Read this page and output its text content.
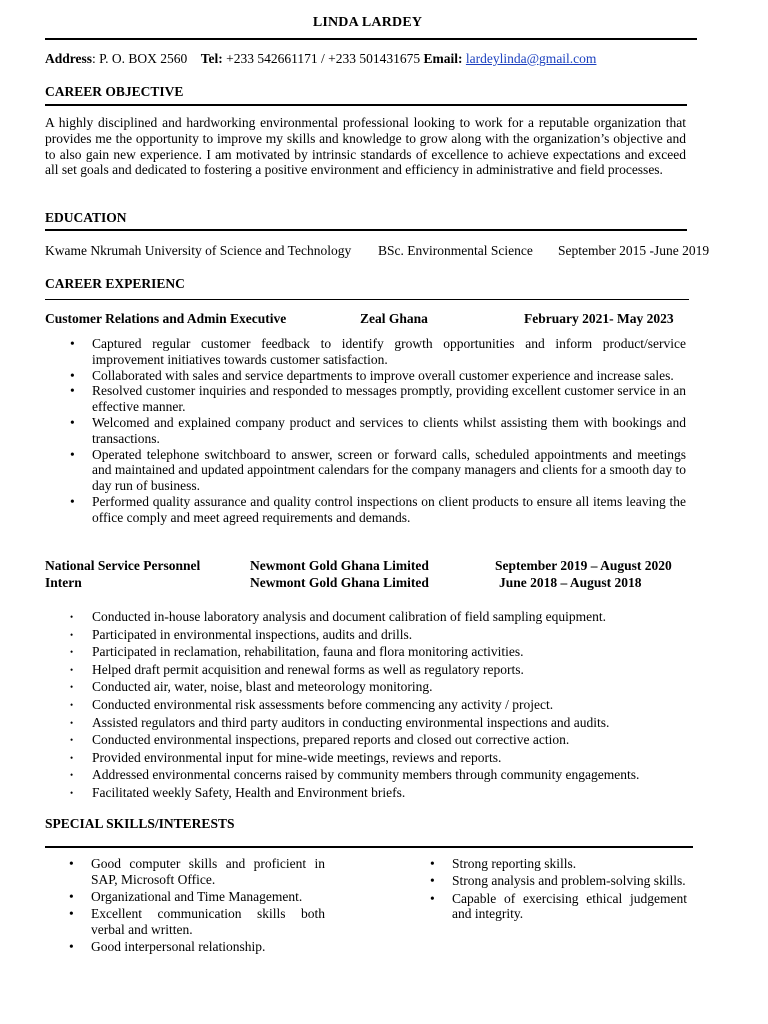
LINDA LARDEY
Address: P. O. BOX 2560 Tel: +233 542661171 / +233 501431675 Email: lardeylinda@gmail.com
CAREER OBJECTIVE
A highly disciplined and hardworking environmental professional looking to work for a reputable organization that provides me the opportunity to improve my skills and knowledge to grow along with the organization’s objective and to also gain new experience. I am motivated by intrinsic standards of excellence to achieve expectations and exceed all set goals and dedicated to fostering a positive environment and efficiency in administrative and field processes.
EDUCATION
Kwame Nkrumah University of Science and Technology BSc. Environmental Science September 2015 -June 2019
CAREER EXPERIENC
Customer Relations and Admin Executive	Zeal Ghana	February 2021- May 2023
• Captured regular customer feedback to identify growth opportunities and inform product/service improvement initiatives towards customer satisfaction.
• Collaborated with sales and service departments to improve overall customer experience and increase sales.
• Resolved customer inquiries and responded to messages promptly, providing excellent customer service in an effective manner.
• Welcomed and explained company product and services to clients whilst assisting them with bookings and transactions.
• Operated telephone switchboard to answer, screen or forward calls, scheduled appointments and meetings and maintained and updated appointment calendars for the company managers and clients for a smooth day to day run of business.
• Performed quality assurance and quality control inspections on client products to ensure all items leaving the office comply and meet agreed requirements and demands.
National Service Personnel	Newmont Gold Ghana Limited	September 2019 – August 2020
Intern	Newmont Gold Ghana Limited	June 2018 – August 2018
• Conducted in-house laboratory analysis and document calibration of field sampling equipment.
• Participated in environmental inspections, audits and drills.
• Participated in reclamation, rehabilitation, fauna and flora monitoring activities.
• Helped draft permit acquisition and renewal forms as well as regulatory reports.
• Conducted air, water, noise, blast and meteorology monitoring.
• Conducted environmental risk assessments before commencing any activity / project.
• Assisted regulators and third party auditors in conducting environmental inspections and audits.
• Conducted environmental inspections, prepared reports and closed out corrective action.
• Provided environmental input for mine-wide meetings, reviews and reports.
• Addressed environmental concerns raised by community members through community engagements.
• Facilitated weekly Safety, Health and Environment briefs.
SPECIAL SKILLS/INTERESTS
• Good computer skills and proficient in SAP, Microsoft Office.
• Organizational and Time Management.
• Excellent communication skills both verbal and written.
• Good interpersonal relationship.
• Strong reporting skills.
• Strong analysis and problem-solving skills.
• Capable of exercising ethical judgement and integrity.
